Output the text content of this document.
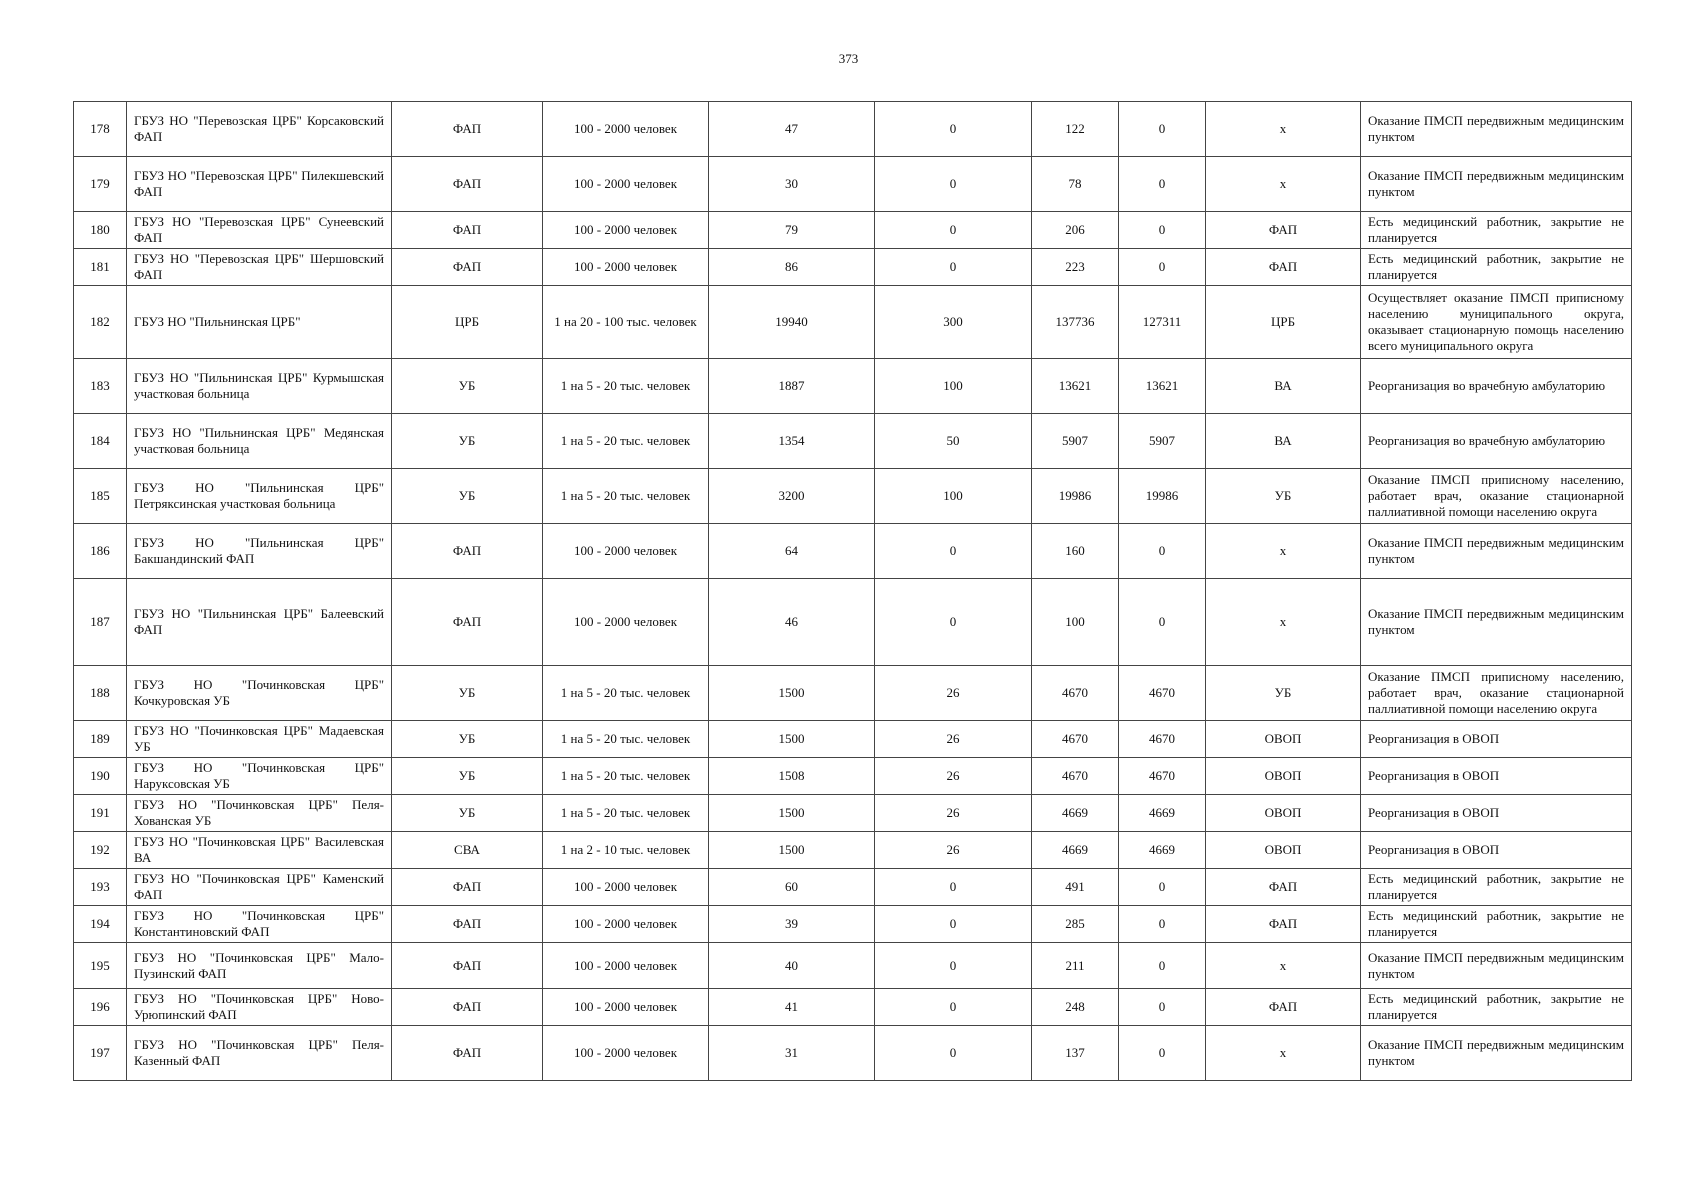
373
178	ГБУЗ НО "Перевозская ЦРБ" Корсаковский ФАП	ФАП	100 - 2000 человек	47	0	122	0	х	Оказание ПМСП передвижным медицинским пунктом
179	ГБУЗ НО "Перевозская ЦРБ" Пилекшевский ФАП	ФАП	100 - 2000 человек	30	0	78	0	х	Оказание ПМСП передвижным медицинским пунктом
180	ГБУЗ НО "Перевозская ЦРБ" Сунеевский ФАП	ФАП	100 - 2000 человек	79	0	206	0	ФАП	Есть медицинский работник, закрытие не планируется
181	ГБУЗ НО "Перевозская ЦРБ" Шершовский ФАП	ФАП	100 - 2000 человек	86	0	223	0	ФАП	Есть медицинский работник, закрытие не планируется
182	ГБУЗ НО "Пильнинская ЦРБ"	ЦРБ	1 на 20 - 100 тыс. человек	19940	300	137736	127311	ЦРБ	Осуществляет оказание ПМСП приписному населению муниципального округа, оказывает стационарную помощь населению всего муниципального округа
183	ГБУЗ НО "Пильнинская ЦРБ" Курмышская участковая больница	УБ	1 на 5 - 20 тыс. человек	1887	100	13621	13621	ВА	Реорганизация во врачебную амбулаторию
184	ГБУЗ НО "Пильнинская ЦРБ" Медянская участковая больница	УБ	1 на 5 - 20 тыс. человек	1354	50	5907	5907	ВА	Реорганизация во врачебную амбулаторию
185	ГБУЗ НО "Пильнинская ЦРБ" Петряксинская участковая больница	УБ	1 на 5 - 20 тыс. человек	3200	100	19986	19986	УБ	Оказание ПМСП приписному населению, работает врач, оказание стационарной паллиативной помощи населению округа
186	ГБУЗ НО "Пильнинская ЦРБ" Бакшандинский ФАП	ФАП	100 - 2000 человек	64	0	160	0	х	Оказание ПМСП передвижным медицинским пунктом
187	ГБУЗ НО "Пильнинская ЦРБ" Балеевский ФАП	ФАП	100 - 2000 человек	46	0	100	0	х	Оказание ПМСП передвижным медицинским пунктом
188	ГБУЗ НО "Починковская ЦРБ" Кочкуровская УБ	УБ	1 на 5 - 20 тыс. человек	1500	26	4670	4670	УБ	Оказание ПМСП приписному населению, работает врач, оказание стационарной паллиативной помощи населению округа
189	ГБУЗ НО "Починковская ЦРБ" Мадаевская УБ	УБ	1 на 5 - 20 тыс. человек	1500	26	4670	4670	ОВОП	Реорганизация в ОВОП
190	ГБУЗ НО "Починковская ЦРБ" Наруксовская УБ	УБ	1 на 5 - 20 тыс. человек	1508	26	4670	4670	ОВОП	Реорганизация в ОВОП
191	ГБУЗ НО "Починковская ЦРБ" Пеля-Хованская УБ	УБ	1 на 5 - 20 тыс. человек	1500	26	4669	4669	ОВОП	Реорганизация в ОВОП
192	ГБУЗ НО "Починковская ЦРБ" Василевская ВА	СВА	1 на 2 - 10 тыс. человек	1500	26	4669	4669	ОВОП	Реорганизация в ОВОП
193	ГБУЗ НО "Починковская ЦРБ" Каменский ФАП	ФАП	100 - 2000 человек	60	0	491	0	ФАП	Есть медицинский работник, закрытие не планируется
194	ГБУЗ НО "Починковская ЦРБ" Константиновский ФАП	ФАП	100 - 2000 человек	39	0	285	0	ФАП	Есть медицинский работник, закрытие не планируется
195	ГБУЗ НО "Починковская ЦРБ" Мало-Пузинский ФАП	ФАП	100 - 2000 человек	40	0	211	0	х	Оказание ПМСП передвижным медицинским пунктом
196	ГБУЗ НО "Починковская ЦРБ" Ново-Урюпинский ФАП	ФАП	100 - 2000 человек	41	0	248	0	ФАП	Есть медицинский работник, закрытие не планируется
197	ГБУЗ НО "Починковская ЦРБ" Пеля-Казенный ФАП	ФАП	100 - 2000 человек	31	0	137	0	х	Оказание ПМСП передвижным медицинским пунктом
